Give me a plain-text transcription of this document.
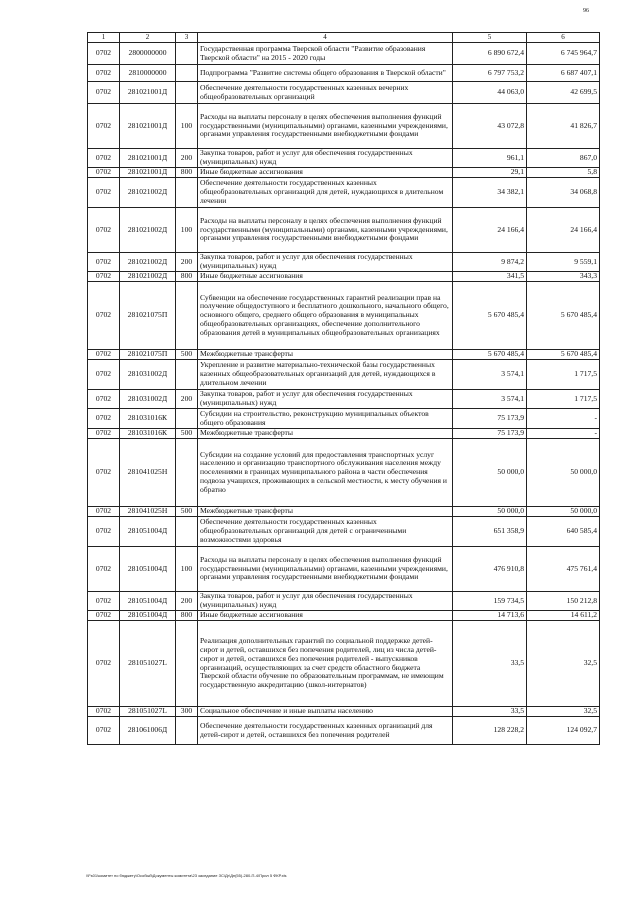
96
1	2	3	4	5	6
0702	2800000000		Государственная программа Тверской области "Развитие образования Тверской области" на 2015 - 2020 годы	6 890 672,4	6 745 964,7
0702	2810000000		Подпрограмма "Развитие системы общего образования в Тверской области"	6 797 753,2	6 687 407,1
0702	281021001Д		Обеспечение деятельности государственных казенных вечерних общеобразовательных организаций	44 063,0	42 699,5
0702	281021001Д	100	Расходы на выплаты персоналу в целях обеспечения выполнения функций государственными (муниципальными) органами, казенными учреждениями, органами управления государственными внебюджетными фондами	43 072,8	41 826,7
0702	281021001Д	200	Закупка товаров, работ и услуг для обеспечения государственных (муниципальных) нужд	961,1	867,0
0702	281021001Д	800	Иные бюджетные ассигнования	29,1	5,8
0702	281021002Д		Обеспечение деятельности государственных казенных общеобразовательных организаций для детей, нуждающихся в длительном лечении	34 382,1	34 068,8
0702	281021002Д	100	Расходы на выплаты персоналу в целях обеспечения выполнения функций государственными (муниципальными) органами, казенными учреждениями, органами управления государственными внебюджетными фондами	24 166,4	24 166,4
0702	281021002Д	200	Закупка товаров, работ и услуг для обеспечения государственных (муниципальных) нужд	9 874,2	9 559,1
0702	281021002Д	800	Иные бюджетные ассигнования	341,5	343,3
0702	281021075П		Субвенции на обеспечение государственных гарантий реализации прав на получение общедоступного и бесплатного дошкольного, начального общего, основного общего, среднего общего образования в муниципальных общеобразовательных организациях, обеспечение дополнительного образования детей в муниципальных общеобразовательных организациях	5 670 485,4	5 670 485,4
0702	281021075П	500	Межбюджетные трансферты	5 670 485,4	5 670 485,4
0702	281031002Д		Укрепление и развитие материально-технической базы государственных казенных общеобразовательных организаций для детей, нуждающихся в длительном лечении	3 574,1	1 717,5
0702	281031002Д	200	Закупка товаров, работ и услуг для обеспечения государственных (муниципальных) нужд	3 574,1	1 717,5
0702	281031016К		Субсидии на строительство, реконструкцию муниципальных объектов общего образования	75 173,9	-
0702	281031016К	500	Межбюджетные трансферты	75 173,9	-
0702	281041025Н		Субсидии на создание условий для предоставления транспортных услуг населению и организацию транспортного обслуживания населения между поселениями в границах муниципального района в части обеспечения подвоза учащихся, проживающих в сельской местности, к месту обучения и обратно	50 000,0	50 000,0
0702	281041025Н	500	Межбюджетные трансферты	50 000,0	50 000,0
0702	281051004Д		Обеспечение деятельности государственных казенных общеобразовательных организаций для детей с ограниченными возможностями здоровья	651 358,9	640 585,4
0702	281051004Д	100	Расходы на выплаты персоналу в целях обеспечения выполнения функций государственными (муниципальными) органами, казенными учреждениями, органами управления государственными внебюджетными фондами	476 910,8	475 761,4
0702	281051004Д	200	Закупка товаров, работ и услуг для обеспечения государственных (муниципальных) нужд	159 734,5	150 212,8
0702	281051004Д	800	Иные бюджетные ассигнования	14 713,6	14 611,2
0702	281051027L		Реализация дополнительных гарантий по социальной поддержке детей-сирот и детей, оставшихся без попечения родителей, лиц из числа детей-сирот и детей, оставшихся без попечения родителей - выпускников организаций, осуществляющих за счет средств областного бюджета Тверской области обучение по образовательным программам, не имеющим государственную аккредитацию (школ-интернатов)	33,5	32,5
0702	281051027L	300	Социальное обеспечение и иные выплаты населению	33,5	32,5
0702	281061006Д		Обеспечение деятельности государственных казенных организаций для детей-сирот и детей, оставшихся без попечения родителей	128 228,2	124 092,7
\\Fs01\комитет по бюджету\Особый\Документы комитета\23 заседание ЗС\Дг\Дп(55)-280-П-4\Прил 5 ФКР.xls
